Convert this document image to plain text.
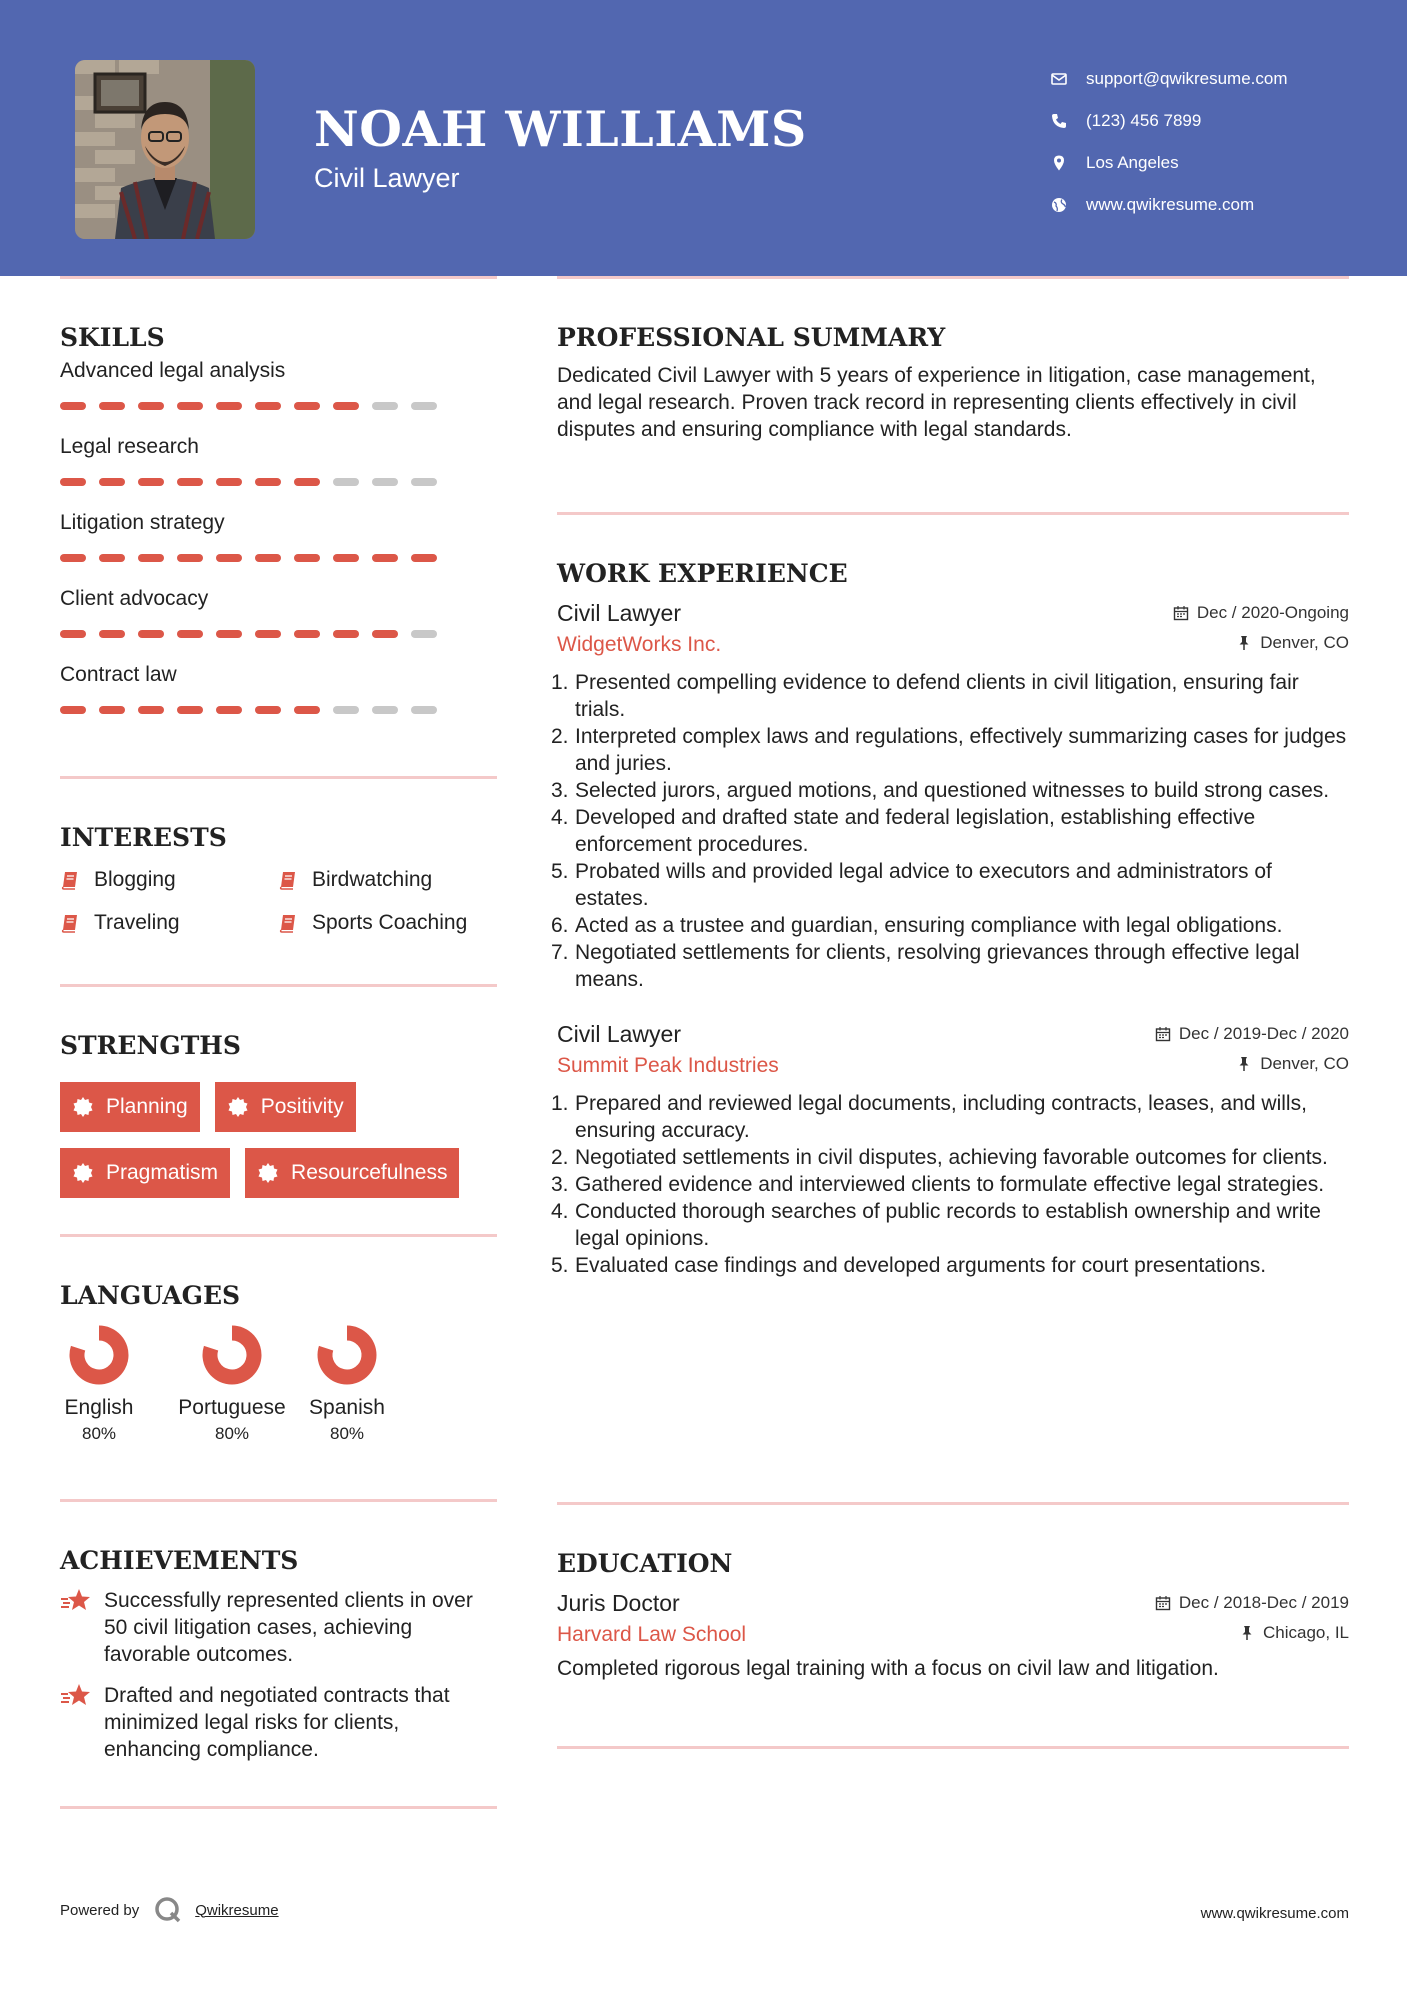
NOAH WILLIAMS
Civil Lawyer
support@qwikresume.com
(123) 456 7899
Los Angeles
www.qwikresume.com
SKILLS
Advanced legal analysis
Legal research
Litigation strategy
Client advocacy
Contract law
INTERESTS
Blogging	Birdwatching
Traveling	Sports Coaching
STRENGTHS
Planning	Positivity
Pragmatism	Resourcefulness
LANGUAGES
English
80%
Portuguese
80%
Spanish
80%
ACHIEVEMENTS
Successfully represented clients in over 50 civil litigation cases, achieving favorable outcomes.
Drafted and negotiated contracts that minimized legal risks for clients, enhancing compliance.
PROFESSIONAL SUMMARY
Dedicated Civil Lawyer with 5 years of experience in litigation, case management, and legal research. Proven track record in representing clients effectively in civil disputes and ensuring compliance with legal standards.
WORK EXPERIENCE
Civil Lawyer	Dec / 2020-Ongoing
WidgetWorks Inc.	Denver, CO
1. Presented compelling evidence to defend clients in civil litigation, ensuring fair trials.
2. Interpreted complex laws and regulations, effectively summarizing cases for judges and juries.
3. Selected jurors, argued motions, and questioned witnesses to build strong cases.
4. Developed and drafted state and federal legislation, establishing effective enforcement procedures.
5. Probated wills and provided legal advice to executors and administrators of estates.
6. Acted as a trustee and guardian, ensuring compliance with legal obligations.
7. Negotiated settlements for clients, resolving grievances through effective legal means.
Civil Lawyer	Dec / 2019-Dec / 2020
Summit Peak Industries	Denver, CO
1. Prepared and reviewed legal documents, including contracts, leases, and wills, ensuring accuracy.
2. Negotiated settlements in civil disputes, achieving favorable outcomes for clients.
3. Gathered evidence and interviewed clients to formulate effective legal strategies.
4. Conducted thorough searches of public records to establish ownership and write legal opinions.
5. Evaluated case findings and developed arguments for court presentations.
EDUCATION
Juris Doctor	Dec / 2018-Dec / 2019
Harvard Law School	Chicago, IL
Completed rigorous legal training with a focus on civil law and litigation.
Powered by	Qwikresume	www.qwikresume.com
